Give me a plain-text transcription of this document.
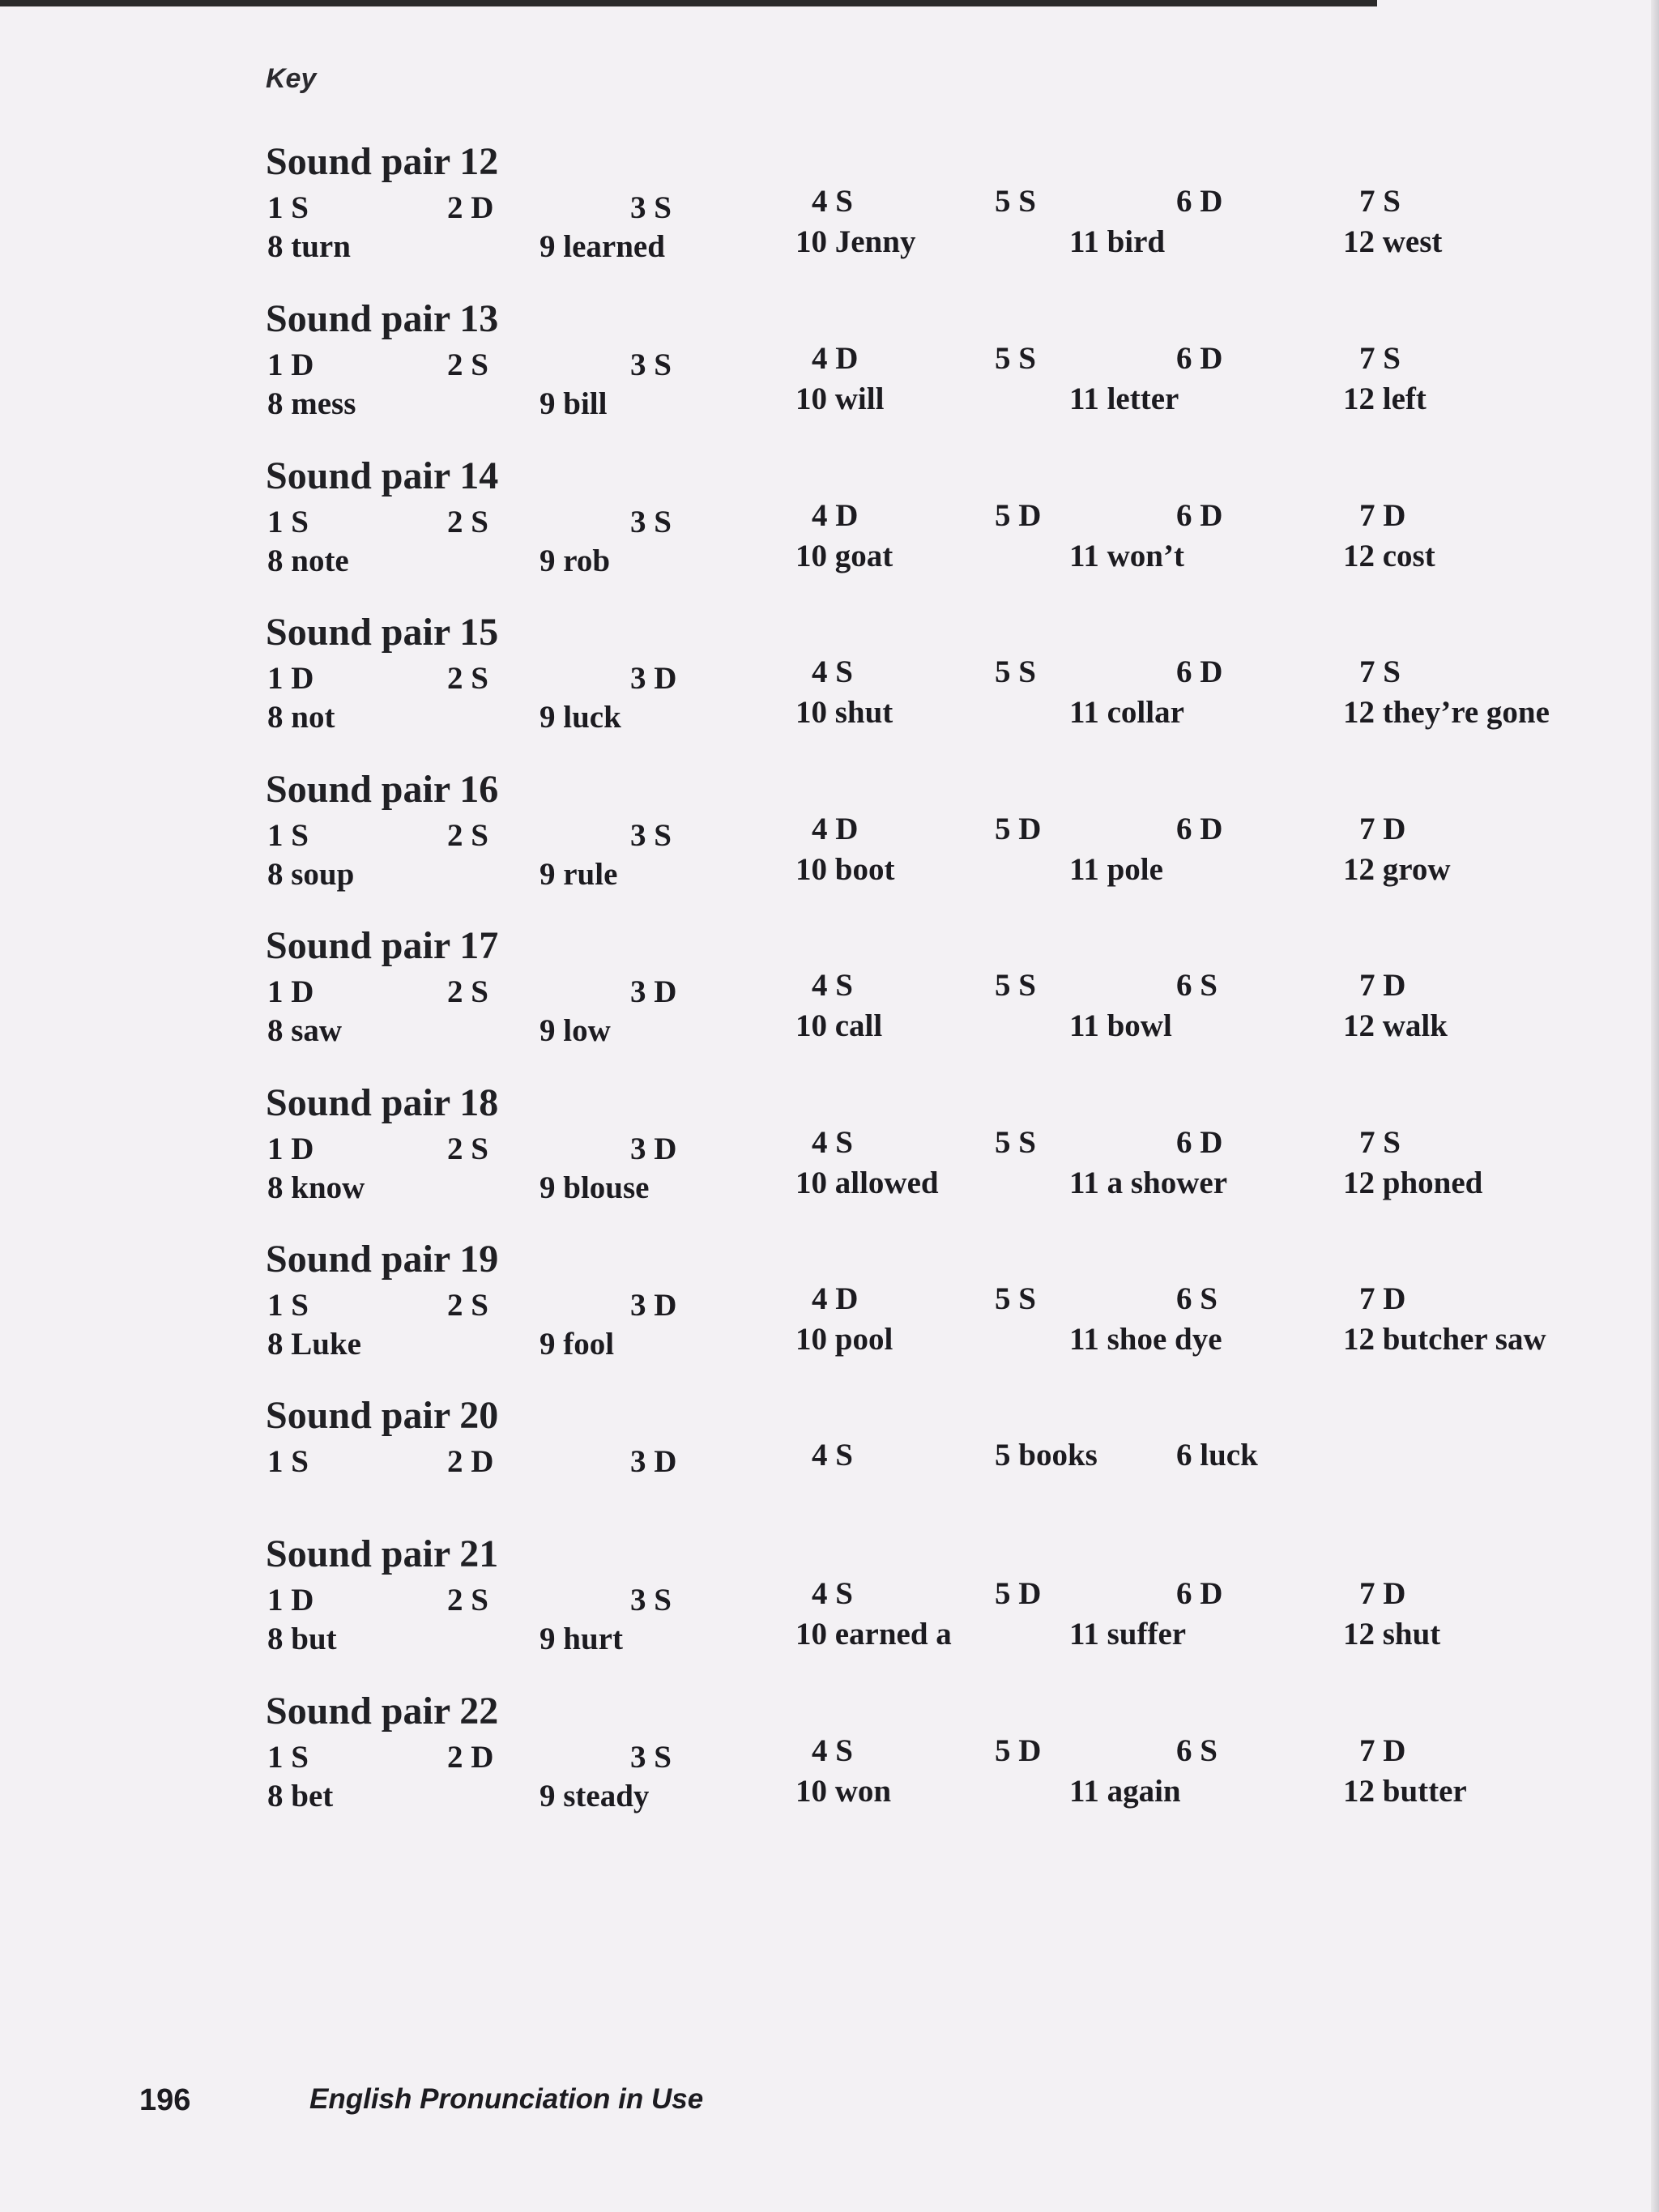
Key
Sound pair 12
1 S	2 D	3 S	4 S	5 S	6 D	7 S
8 turn	9 learned	10 Jenny	11 bird	12 west
Sound pair 13
1 D	2 S	3 S	4 D	5 S	6 D	7 S
8 mess	9 bill	10 will	11 letter	12 left
Sound pair 14
1 S	2 S	3 S	4 D	5 D	6 D	7 D
8 note	9 rob	10 goat	11 won’t	12 cost
Sound pair 15
1 D	2 S	3 D	4 S	5 S	6 D	7 S
8 not	9 luck	10 shut	11 collar	12 they’re gone
Sound pair 16
1 S	2 S	3 S	4 D	5 D	6 D	7 D
8 soup	9 rule	10 boot	11 pole	12 grow
Sound pair 17
1 D	2 S	3 D	4 S	5 S	6 S	7 D
8 saw	9 low	10 call	11 bowl	12 walk
Sound pair 18
1 D	2 S	3 D	4 S	5 S	6 D	7 S
8 know	9 blouse	10 allowed	11 a shower	12 phoned
Sound pair 19
1 S	2 S	3 D	4 D	5 S	6 S	7 D
8 Luke	9 fool	10 pool	11 shoe dye	12 butcher saw
Sound pair 20
1 S	2 D	3 D	4 S	5 books 6 luck
Sound pair 21
1 D	2 S	3 S	4 S	5 D	6 D	7 D
8 but	9 hurt	10 earned a	11 suffer	12 shut
Sound pair 22
1 S	2 D	3 S	4 S	5 D	6 S	7 D
8 bet	9 steady	10 won	11 again	12 butter
196	English Pronunciation in Use
